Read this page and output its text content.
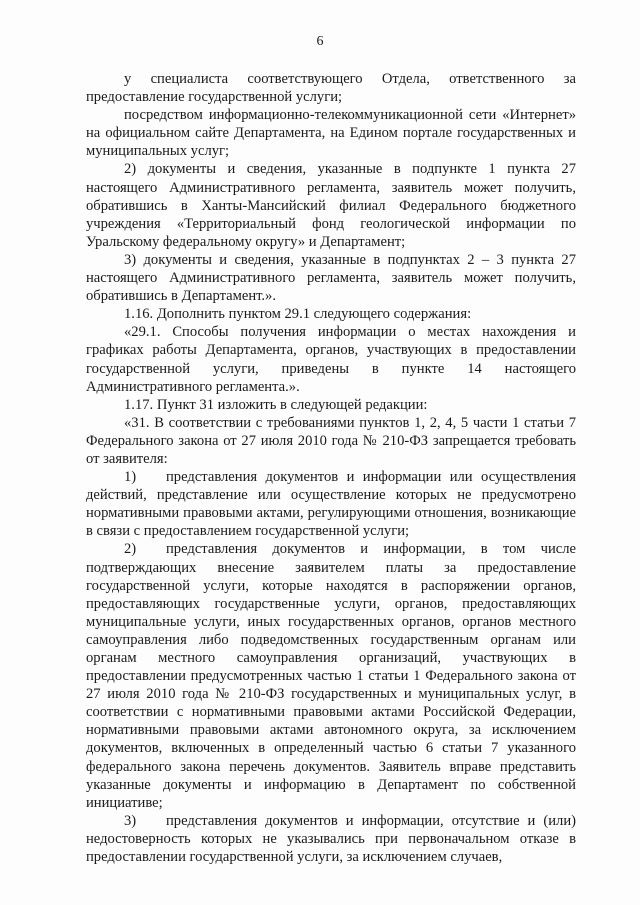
6

у специалиста соответствующего Отдела, ответственного за предоставление государственной услуги;

посредством информационно-телекоммуникационной сети «Интернет» на официальном сайте Департамента, на Едином портале государственных и муниципальных услуг;

2) документы и сведения, указанные в подпункте 1 пункта 27 настоящего Административного регламента, заявитель может получить, обратившись в Ханты-Мансийский филиал Федерального бюджетного учреждения «Территориальный фонд геологической информации по Уральскому федеральному округу» и Департамент;

3) документы и сведения, указанные в подпунктах 2 – 3 пункта 27 настоящего Административного регламента, заявитель может получить, обратившись в Департамент.».

1.16. Дополнить пунктом 29.1 следующего содержания:

«29.1. Способы получения информации о местах нахождения и графиках работы Департамента, органов, участвующих в предоставлении государственной услуги, приведены в пункте 14 настоящего Административного регламента.».

1.17. Пункт 31 изложить в следующей редакции:

«31. В соответствии с требованиями пунктов 1, 2, 4, 5 части 1 статьи 7 Федерального закона от 27 июля 2010 года № 210-ФЗ запрещается требовать от заявителя:

1) представления документов и информации или осуществления действий, представление или осуществление которых не предусмотрено нормативными правовыми актами, регулирующими отношения, возникающие в связи с предоставлением государственной услуги;

2) представления документов и информации, в том числе подтверждающих внесение заявителем платы за предоставление государственной услуги, которые находятся в распоряжении органов, предоставляющих государственные услуги, органов, предоставляющих муниципальные услуги, иных государственных органов, органов местного самоуправления либо подведомственных государственным органам или органам местного самоуправления организаций, участвующих в предоставлении предусмотренных частью 1 статьи 1 Федерального закона от 27 июля 2010 года № 210-ФЗ государственных и муниципальных услуг, в соответствии с нормативными правовыми актами Российской Федерации, нормативными правовыми актами автономного округа, за исключением документов, включенных в определенный частью 6 статьи 7 указанного федерального закона перечень документов. Заявитель вправе представить указанные документы и информацию в Департамент по собственной инициативе;

3) представления документов и информации, отсутствие и (или) недостоверность которых не указывались при первоначальном отказе в предоставлении государственной услуги, за исключением случаев,
